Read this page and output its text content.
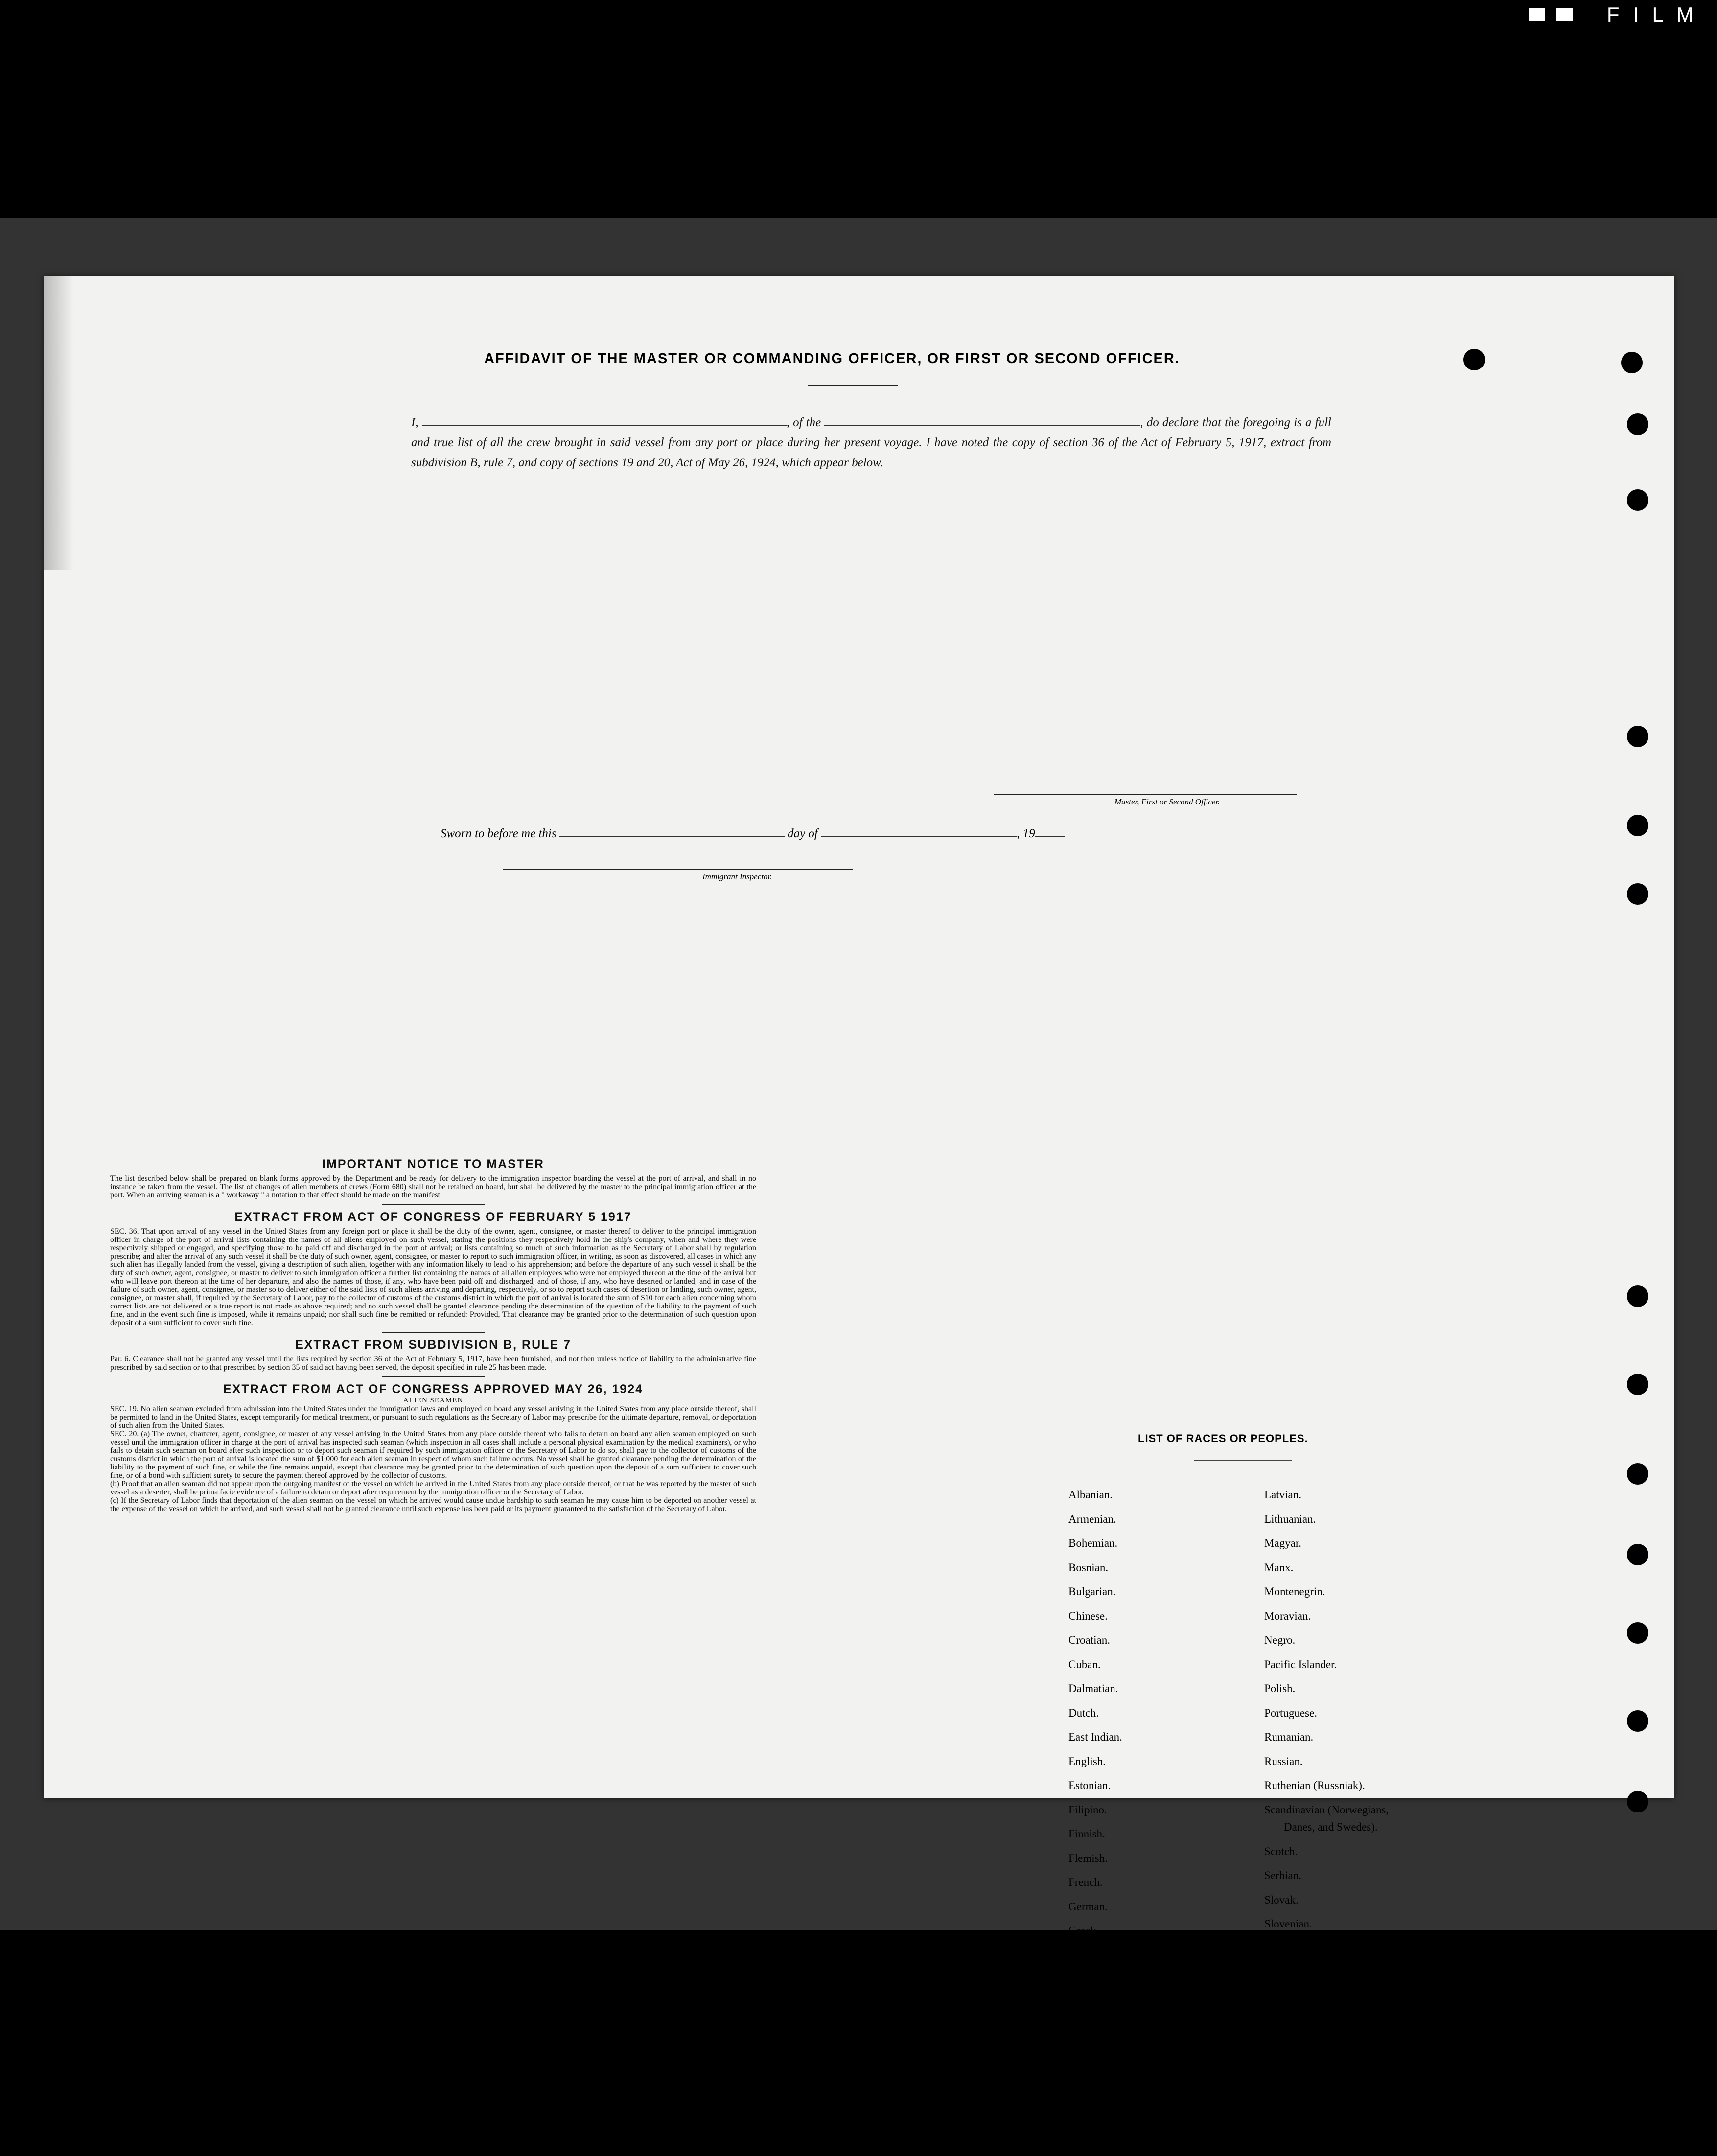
F I L M
AFFIDAVIT OF THE MASTER OR COMMANDING OFFICER, OR FIRST OR SECOND OFFICER.
I,	, of the	, do declare that the foregoing is a full and true list of all the crew brought in said vessel from any port or place during her present voyage. I have noted the copy of section 36 of the Act of February 5, 1917, extract from subdivision B, rule 7, and copy of sections 19 and 20, Act of May 26, 1924, which appear below.
Master, First or Second Officer.
Sworn to before me this	day of	, 19
Immigrant Inspector.
IMPORTANT NOTICE TO MASTER
The list described below shall be prepared on blank forms approved by the Department and be ready for delivery to the immigration inspector boarding the vessel at the port of arrival, and shall in no instance be taken from the vessel. The list of changes of alien members of crews (Form 680) shall not be retained on board, but shall be delivered by the master to the principal immigration officer at the port. When an arriving seaman is a " workaway " a notation to that effect should be made on the manifest.
EXTRACT FROM ACT OF CONGRESS OF FEBRUARY 5 1917
SEC. 36. That upon arrival of any vessel in the United States from any foreign port or place it shall be the duty of the owner, agent, consignee, or master thereof to deliver to the principal immigration officer in charge of the port of arrival lists containing the names of all aliens employed on such vessel, stating the positions they respectively hold in the ship's company, when and where they were respectively shipped or engaged, and specifying those to be paid off and discharged in the port of arrival; or lists containing so much of such information as the Secretary of Labor shall by regulation prescribe; and after the arrival of any such vessel it shall be the duty of such owner, agent, consignee, or master to report to such immigration officer, in writing, as soon as discovered, all cases in which any such alien has illegally landed from the vessel, giving a description of such alien, together with any information likely to lead to his apprehension; and before the departure of any such vessel it shall be the duty of such owner, agent, consignee, or master to deliver to such immigration officer a further list containing the names of all alien employees who were not employed thereon at the time of the arrival but who will leave port thereon at the time of her departure, and also the names of those, if any, who have been paid off and discharged, and of those, if any, who have deserted or landed; and in case of the failure of such owner, agent, consignee, or master so to deliver either of the said lists of such aliens arriving and departing, respectively, or so to report such cases of desertion or landing, such owner, agent, consignee, or master shall, if required by the Secretary of Labor, pay to the collector of customs of the customs district in which the port of arrival is located the sum of $10 for each alien concerning whom correct lists are not delivered or a true report is not made as above required; and no such vessel shall be granted clearance pending the determination of the question of the liability to the payment of such fine, and in the event such fine is imposed, while it remains unpaid; nor shall such fine be remitted or refunded: Provided, That clearance may be granted prior to the determination of such question upon deposit of a sum sufficient to cover such fine.
EXTRACT FROM SUBDIVISION B, RULE 7
Par. 6. Clearance shall not be granted any vessel until the lists required by section 36 of the Act of February 5, 1917, have been furnished, and not then unless notice of liability to the administrative fine prescribed by said section or to that prescribed by section 35 of said act having been served, the deposit specified in rule 25 has been made.
EXTRACT FROM ACT OF CONGRESS APPROVED MAY 26, 1924
ALIEN SEAMEN
SEC. 19. No alien seaman excluded from admission into the United States under the immigration laws and employed on board any vessel arriving in the United States from any place outside thereof, shall be permitted to land in the United States, except temporarily for medical treatment, or pursuant to such regulations as the Secretary of Labor may prescribe for the ultimate departure, removal, or deportation of such alien from the United States.
SEC. 20. (a) The owner, charterer, agent, consignee, or master of any vessel arriving in the United States from any place outside thereof who fails to detain on board any alien seaman employed on such vessel until the immigration officer in charge at the port of arrival has inspected such seaman (which inspection in all cases shall include a personal physical examination by the medical examiners), or who fails to detain such seaman on board after such inspection or to deport such seaman if required by such immigration officer or the Secretary of Labor to do so, shall pay to the collector of customs of the customs district in which the port of arrival is located the sum of $1,000 for each alien seaman in respect of whom such failure occurs. No vessel shall be granted clearance pending the determination of the liability to the payment of such fine, or while the fine remains unpaid, except that clearance may be granted prior to the determination of such question upon the deposit of a sum sufficient to cover such fine, or of a bond with sufficient surety to secure the payment thereof approved by the collector of customs.
(b) Proof that an alien seaman did not appear upon the outgoing manifest of the vessel on which he arrived in the United States from any place outside thereof, or that he was reported by the master of such vessel as a deserter, shall be prima facie evidence of a failure to detain or deport after requirement by the immigration officer or the Secretary of Labor.
(c) If the Secretary of Labor finds that deportation of the alien seaman on the vessel on which he arrived would cause undue hardship to such seaman he may cause him to be deported on another vessel at the expense of the vessel on which he arrived, and such vessel shall not be granted clearance until such expense has been paid or its payment guaranteed to the satisfaction of the Secretary of Labor.
LIST OF RACES OR PEOPLES.
Albanian.
Armenian.
Bohemian.
Bosnian.
Bulgarian.
Chinese.
Croatian.
Cuban.
Dalmatian.
Dutch.
East Indian.
English.
Estonian.
Filipino.
Finnish.
Flemish.
French.
German.
Greek.
Hebrew.
Hercegovinian.
Irish.
Italian.
Japanese.
Korean.
Latvian.
Lithuanian.
Magyar.
Manx.
Montenegrin.
Moravian.
Negro.
Pacific Islander.
Polish.
Portuguese.
Rumanian.
Russian.
Ruthenian (Russniak).
Scandinavian (Norwegians,
Danes, and Swedes).
Scotch.
Serbian.
Slovak.
Slovenian.
Spanish.
Spanish-American.
Syrian.
Turkish.
Welsh.
West Indian (except Cuban).
